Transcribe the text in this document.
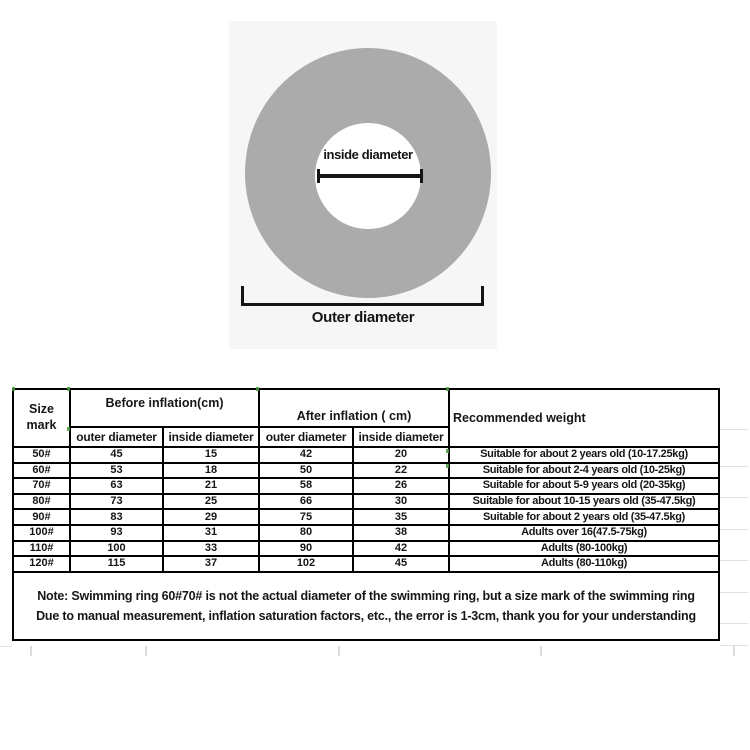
inside diameter
Outer diameter
Size
mark	Before inflation(cm)		After inflation ( cm)		Recommended weight
	outer diameter	inside diameter	outer diameter	inside diameter	
50#	45	15	42	20	Suitable for about 2 years old (10-17.25kg)
60#	53	18	50	22	Suitable for about 2-4 years old (10-25kg)
70#	63	21	58	26	Suitable for about 5-9 years old (20-35kg)
80#	73	25	66	30	Suitable for about 10-15 years old (35-47.5kg)
90#	83	29	75	35	Suitable for about 2 years old (35-47.5kg)
100#	93	31	80	38	Adults over 16(47.5-75kg)
110#	100	33	90	42	Adults (80-100kg)
120#	115	37	102	45	Adults (80-110kg)
Note: Swimming ring 60#70# is not the actual diameter of the swimming ring, but a size mark of the swimming ring
Due to manual measurement, inflation saturation factors, etc., the error is 1-3cm, thank you for your understanding					
